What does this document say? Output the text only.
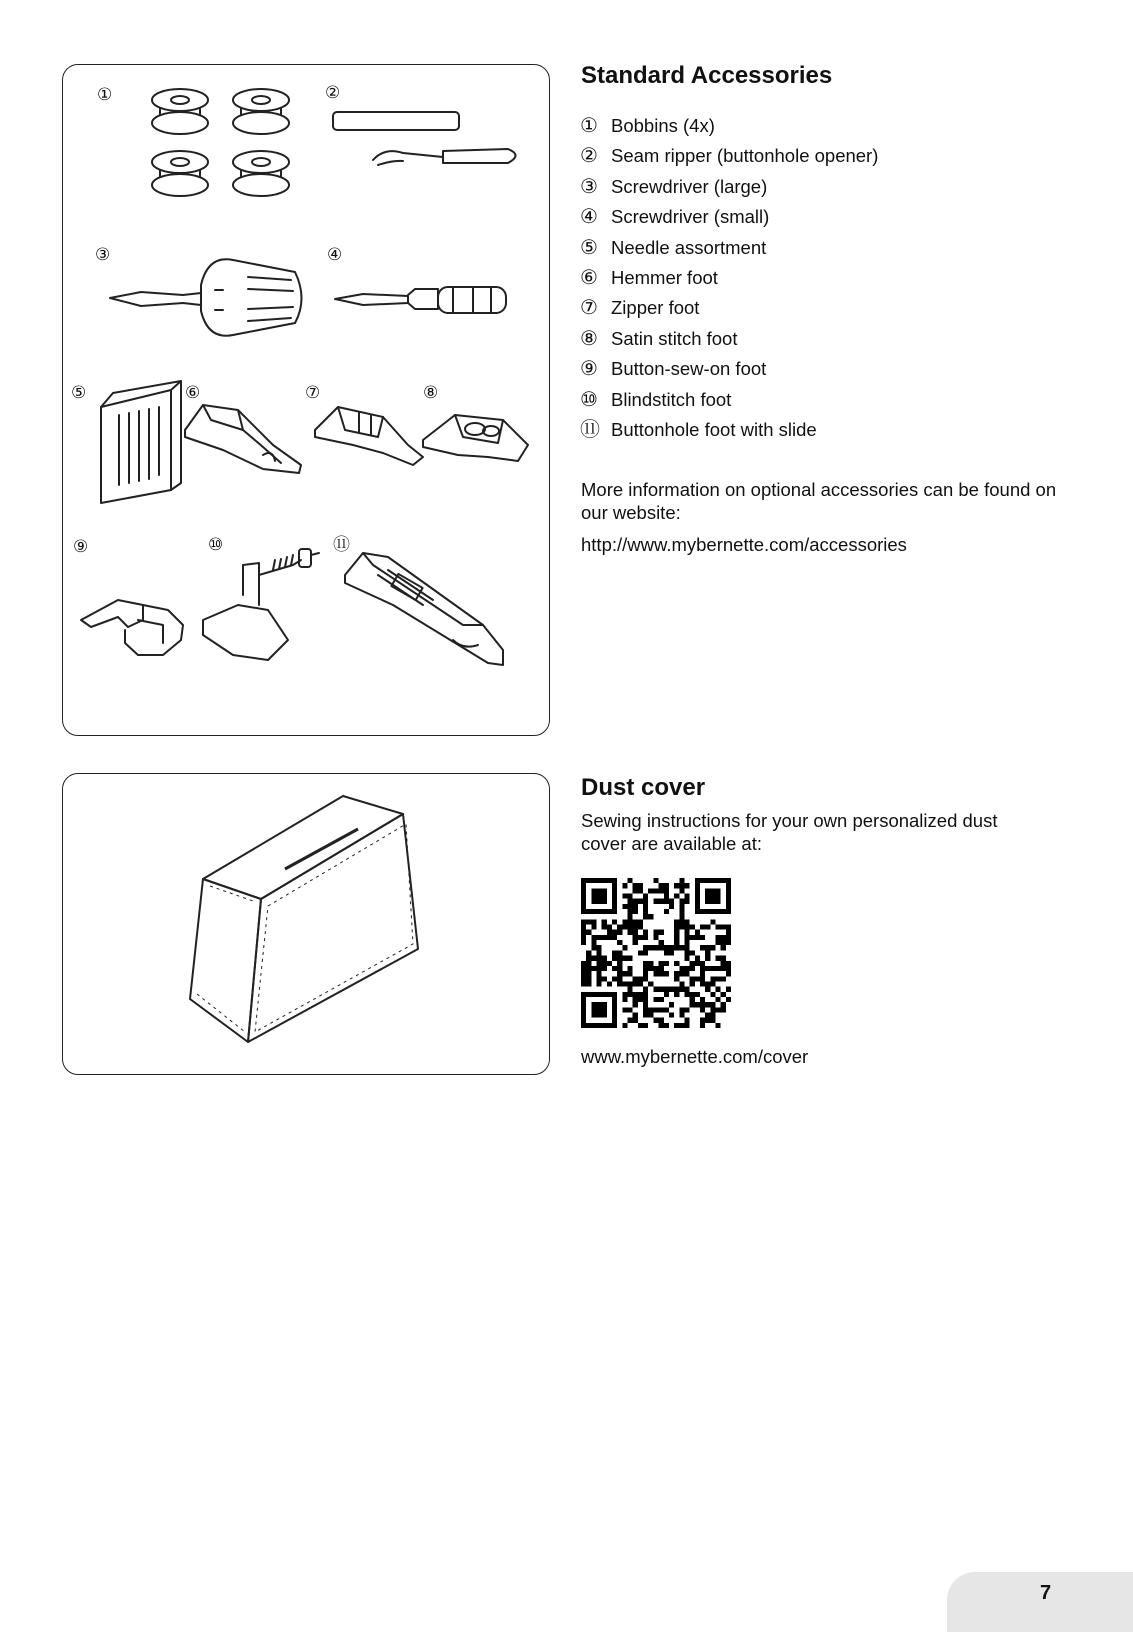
①	②
③	④
⑤	⑥	⑦	⑧
⑨	⑩	⑪
Standard Accessories
① Bobbins (4x)
② Seam ripper (buttonhole opener)
③ Screwdriver (large)
④ Screwdriver (small)
⑤ Needle assortment
⑥ Hemmer foot
⑦ Zipper foot
⑧ Satin stitch foot
⑨ Button-sew-on foot
⑩ Blindstitch foot
⑪ Buttonhole foot with slide

More information on optional accessories can be found on our website:

http://www.mybernette.com/accessories

Dust cover

Sewing instructions for your own personalized dust cover are available at:

www.mybernette.com/cover

7
